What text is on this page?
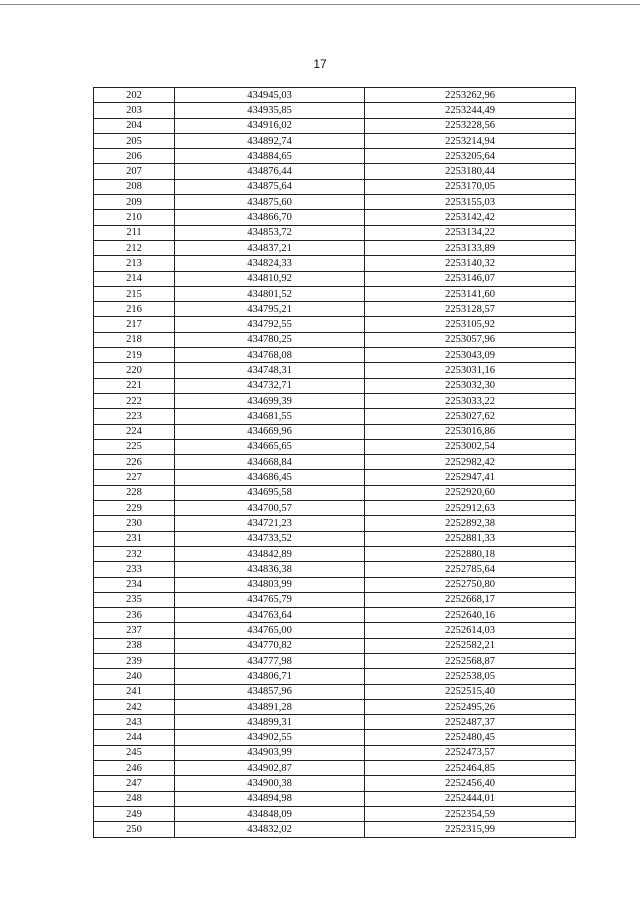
17
202	434945,03	2253262,96
203	434935,85	2253244,49
204	434916,02	2253228,56
205	434892,74	2253214,94
206	434884,65	2253205,64
207	434876,44	2253180,44
208	434875,64	2253170,05
209	434875,60	2253155,03
210	434866,70	2253142,42
211	434853,72	2253134,22
212	434837,21	2253133,89
213	434824,33	2253140,32
214	434810,92	2253146,07
215	434801,52	2253141,60
216	434795,21	2253128,57
217	434792,55	2253105,92
218	434780,25	2253057,96
219	434768,08	2253043,09
220	434748,31	2253031,16
221	434732,71	2253032,30
222	434699,39	2253033,22
223	434681,55	2253027,62
224	434669,96	2253016,86
225	434665,65	2253002,54
226	434668,84	2252982,42
227	434686,45	2252947,41
228	434695,58	2252920,60
229	434700,57	2252912,63
230	434721,23	2252892,38
231	434733,52	2252881,33
232	434842,89	2252880,18
233	434836,38	2252785,64
234	434803,99	2252750,80
235	434765,79	2252668,17
236	434763,64	2252640,16
237	434765,00	2252614,03
238	434770,82	2252582,21
239	434777,98	2252568,87
240	434806,71	2252538,05
241	434857,96	2252515,40
242	434891,28	2252495,26
243	434899,31	2252487,37
244	434902,55	2252480,45
245	434903,99	2252473,57
246	434902,87	2252464,85
247	434900,38	2252456,40
248	434894,98	2252444,01
249	434848,09	2252354,59
250	434832,02	2252315,99
